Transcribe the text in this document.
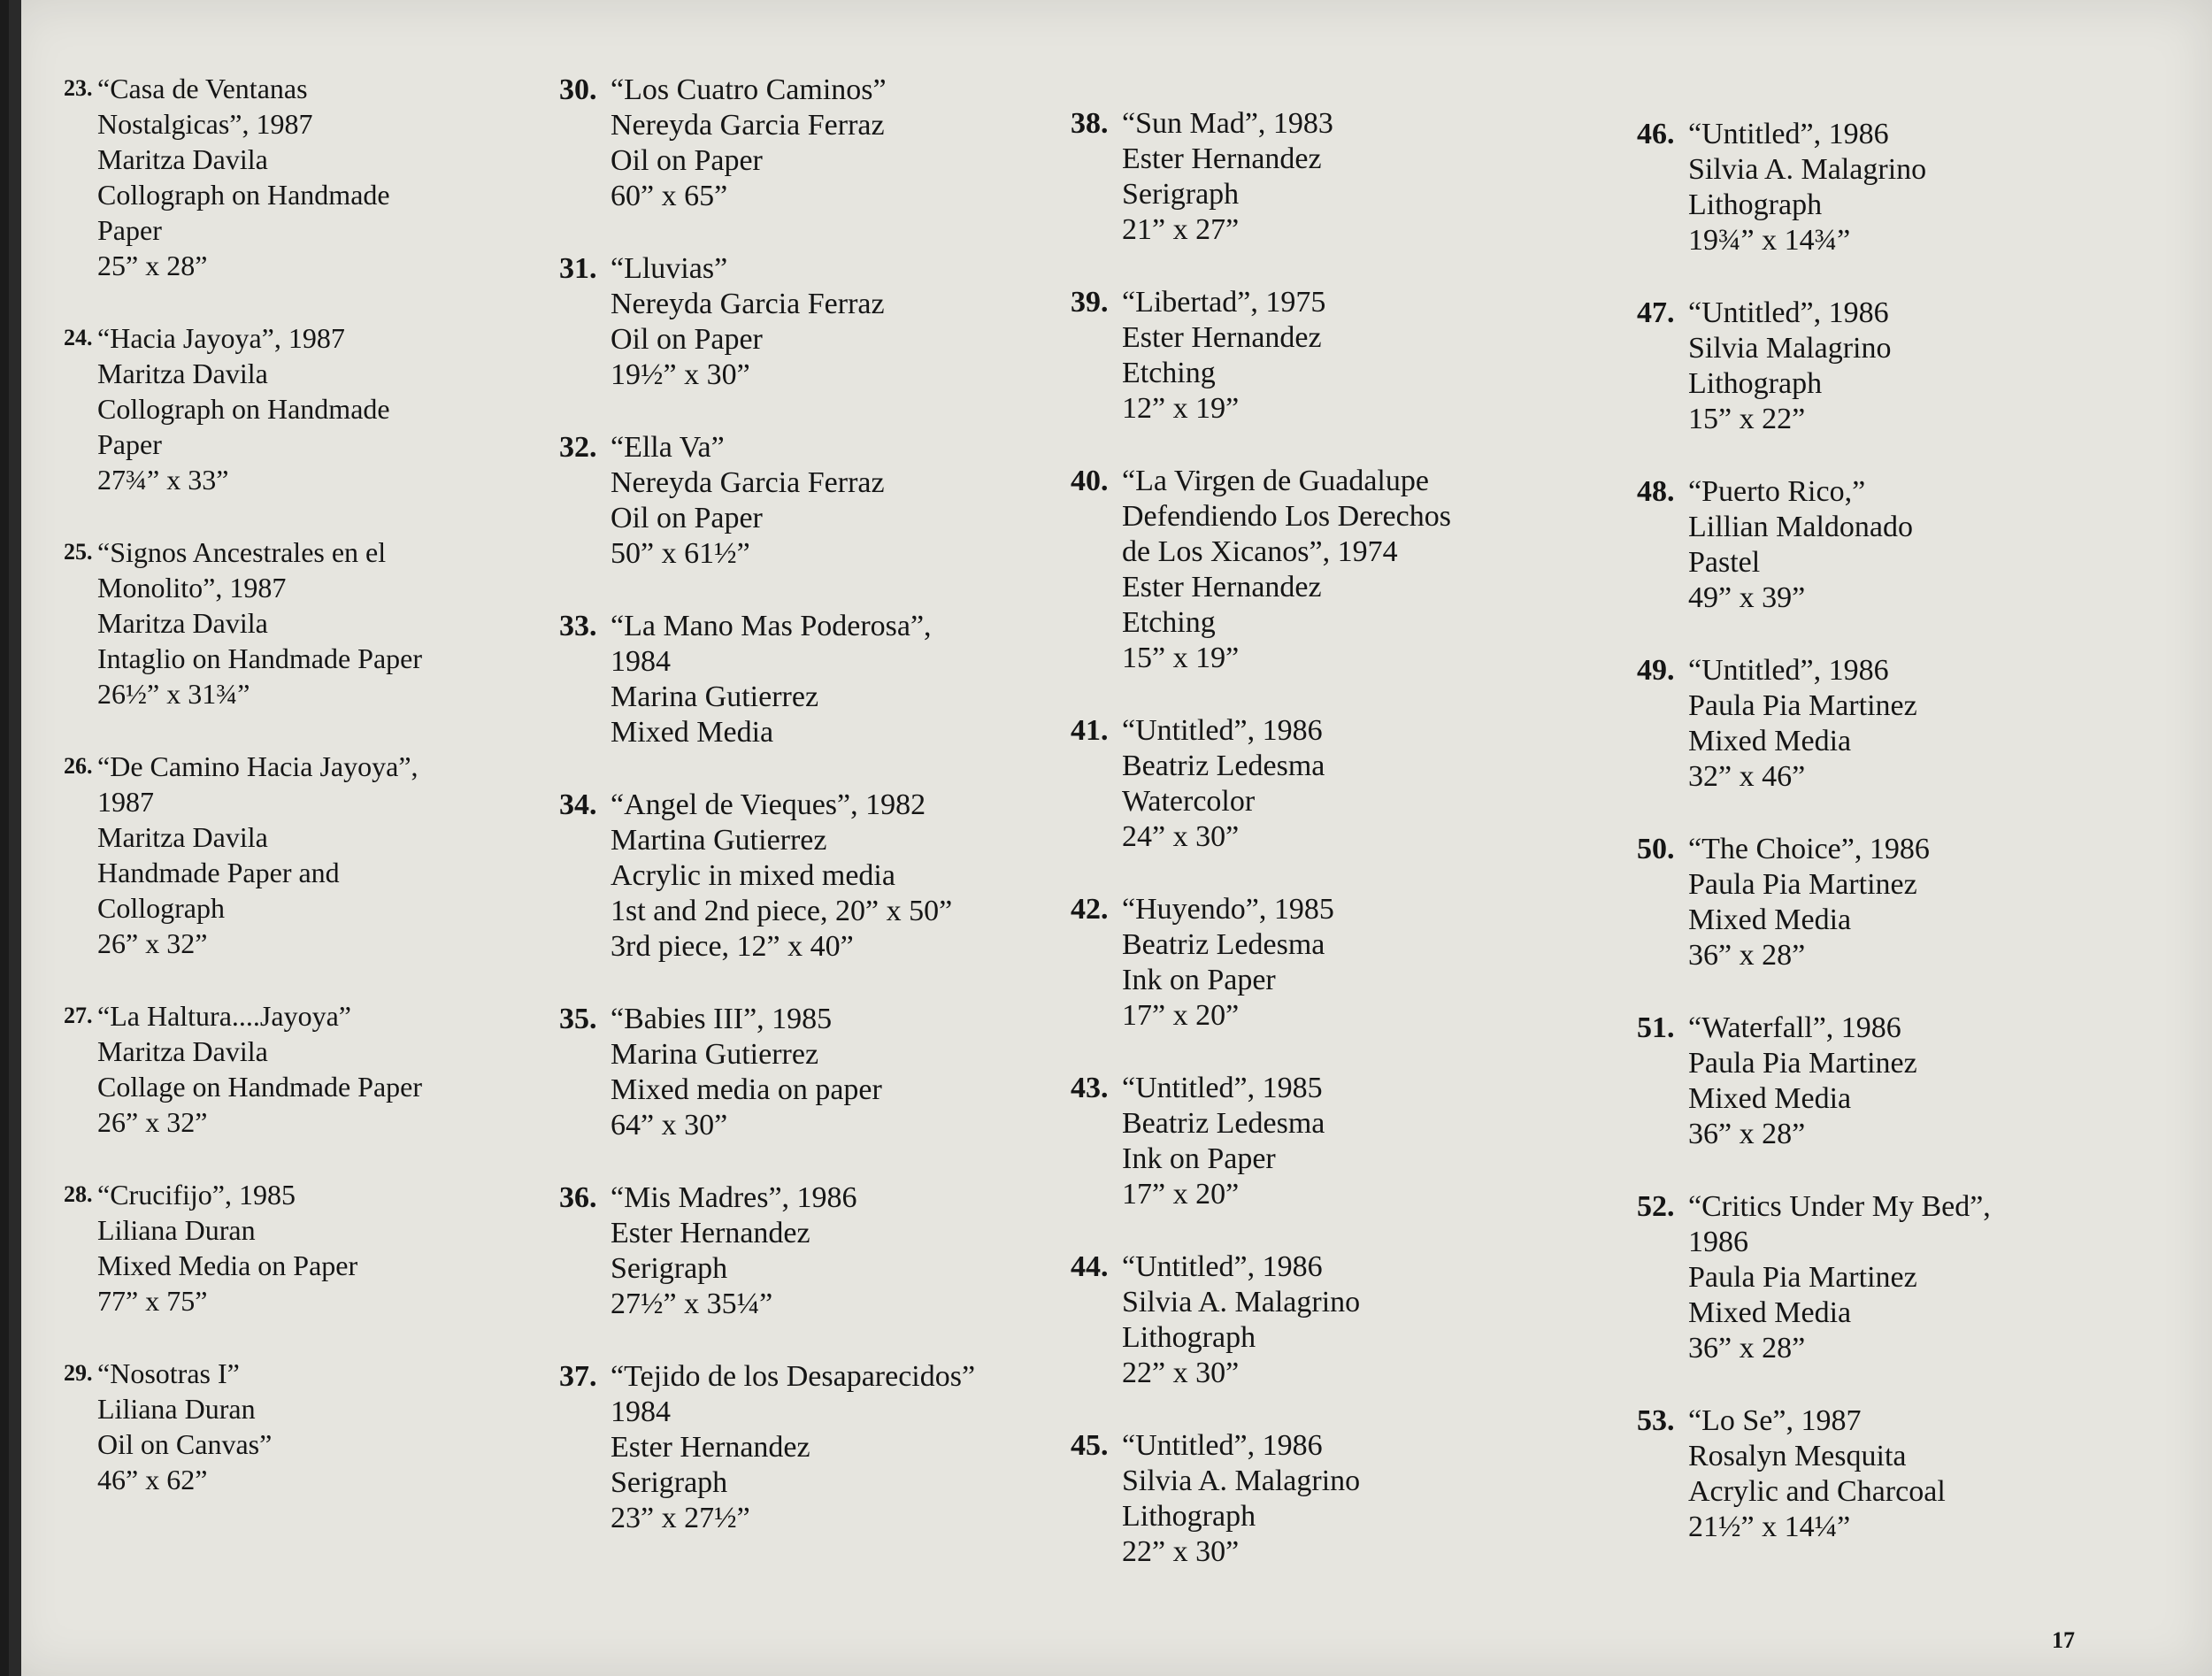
23. “Casa de Ventanas
Nostalgicas”, 1987
Maritza Davila
Collograph on Handmade
Paper
25” x 28”
24. “Hacia Jayoya”, 1987
Maritza Davila
Collograph on Handmade
Paper
27¾” x 33”
25. “Signos Ancestrales en el
Monolito”, 1987
Maritza Davila
Intaglio on Handmade Paper
26½” x 31¾”
26. “De Camino Hacia Jayoya”,
1987
Maritza Davila
Handmade Paper and
Collograph
26” x 32”
27. “La Haltura....Jayoya”
Maritza Davila
Collage on Handmade Paper
26” x 32”
28. “Crucifijo”, 1985
Liliana Duran
Mixed Media on Paper
77” x 75”
29. “Nosotras I”
Liliana Duran
Oil on Canvas”
46” x 62”
30. “Los Cuatro Caminos”
Nereyda Garcia Ferraz
Oil on Paper
60” x 65”
31. “Lluvias”
Nereyda Garcia Ferraz
Oil on Paper
19½” x 30”
32. “Ella Va”
Nereyda Garcia Ferraz
Oil on Paper
50” x 61½”
33. “La Mano Mas Poderosa”,
1984
Marina Gutierrez
Mixed Media
34. “Angel de Vieques”, 1982
Martina Gutierrez
Acrylic in mixed media
1st and 2nd piece, 20” x 50”
3rd piece, 12” x 40”
35. “Babies III”, 1985
Marina Gutierrez
Mixed media on paper
64” x 30”
36. “Mis Madres”, 1986
Ester Hernandez
Serigraph
27½” x 35¼”
37. “Tejido de los Desaparecidos”
1984
Ester Hernandez
Serigraph
23” x 27½”
38. “Sun Mad”, 1983
Ester Hernandez
Serigraph
21” x 27”
39. “Libertad”, 1975
Ester Hernandez
Etching
12” x 19”
40. “La Virgen de Guadalupe
Defendiendo Los Derechos
de Los Xicanos”, 1974
Ester Hernandez
Etching
15” x 19”
41. “Untitled”, 1986
Beatriz Ledesma
Watercolor
24” x 30”
42. “Huyendo”, 1985
Beatriz Ledesma
Ink on Paper
17” x 20”
43. “Untitled”, 1985
Beatriz Ledesma
Ink on Paper
17” x 20”
44. “Untitled”, 1986
Silvia A. Malagrino
Lithograph
22” x 30”
45. “Untitled”, 1986
Silvia A. Malagrino
Lithograph
22” x 30”
46. “Untitled”, 1986
Silvia A. Malagrino
Lithograph
19¾” x 14¾”
47. “Untitled”, 1986
Silvia Malagrino
Lithograph
15” x 22”
48. “Puerto Rico,”
Lillian Maldonado
Pastel
49” x 39”
49. “Untitled”, 1986
Paula Pia Martinez
Mixed Media
32” x 46”
50. “The Choice”, 1986
Paula Pia Martinez
Mixed Media
36” x 28”
51. “Waterfall”, 1986
Paula Pia Martinez
Mixed Media
36” x 28”
52. “Critics Under My Bed”,
1986
Paula Pia Martinez
Mixed Media
36” x 28”
53. “Lo Se”, 1987
Rosalyn Mesquita
Acrylic and Charcoal
21½” x 14¼”
17
